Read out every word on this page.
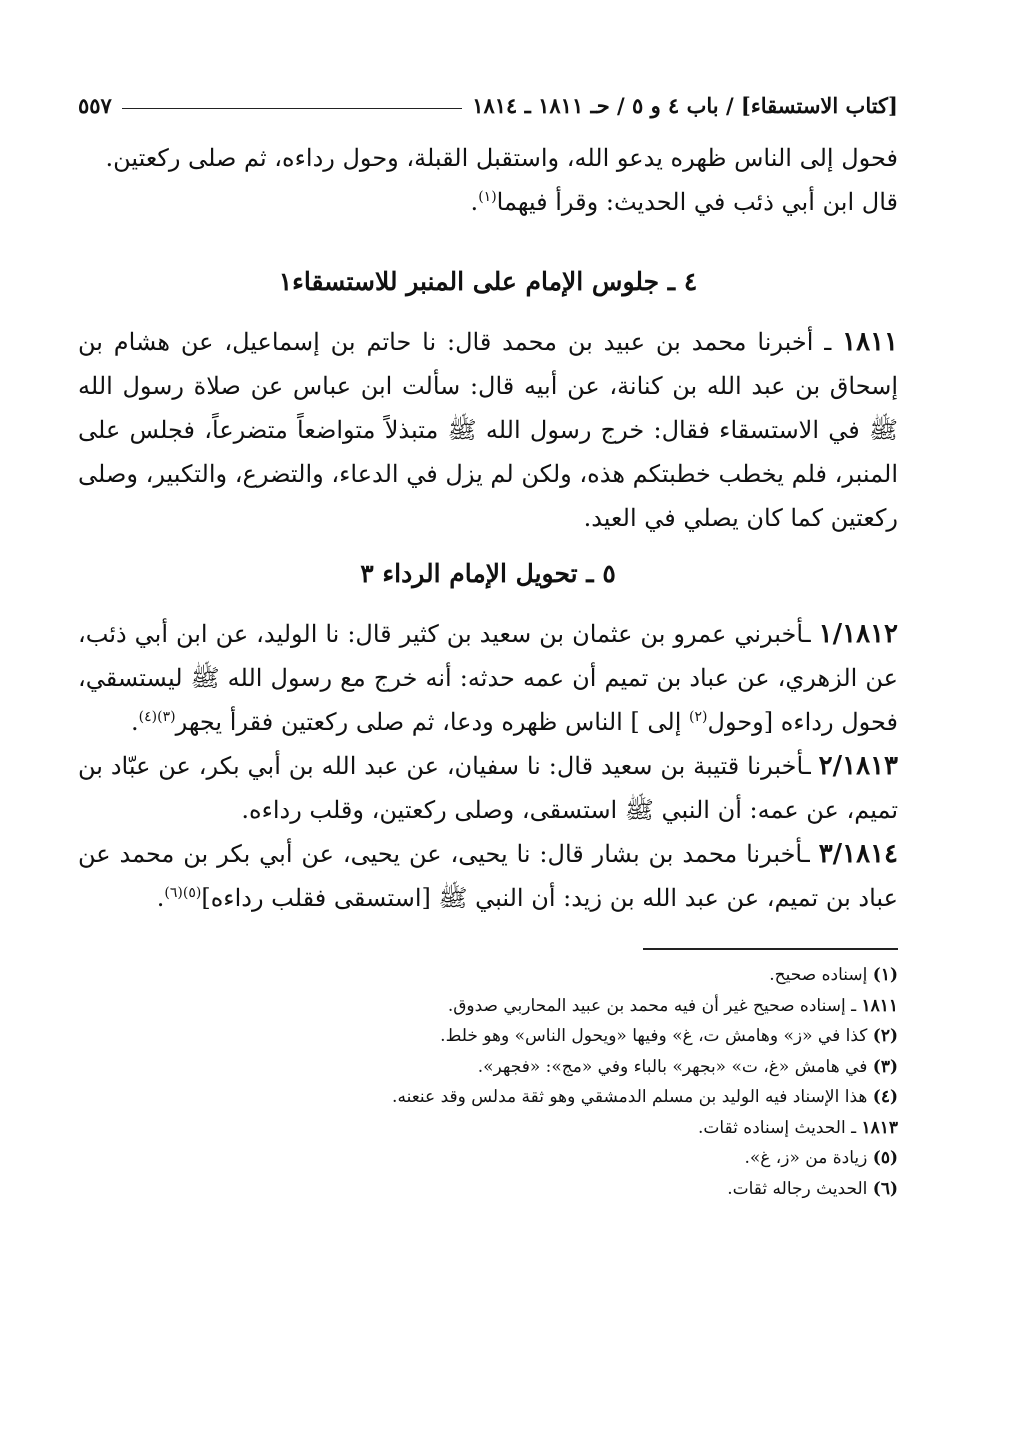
[كتاب الاستسقاء] / باب ٤ و ٥ / حـ ١٨١١ ـ ١٨١٤
٥٥٧

فحول إلى الناس ظهره يدعو الله، واستقبل القبلة، وحول رداءه، ثم صلى ركعتين.

قال ابن أبي ذئب في الحديث: وقرأ فيهما$^{(١)}$.

٤ ـ جلوس الإمام على المنبر للاستسقاء١

١٨١١ ـ أخبرنا محمد بن عبيد بن محمد قال: نا حاتم بن إسماعيل، عن هشام بن إسحاق بن عبد الله بن كنانة، عن أبيه قال: سألت ابن عباس عن صلاة رسول الله ﷺ في الاستسقاء فقال: خرج رسول الله ﷺ متبذلاً متواضعاً متضرعاً، فجلس على المنبر، فلم يخطب خطبتكم هذه، ولكن لم يزل في الدعاء، والتضرع، والتكبير، وصلى ركعتين كما كان يصلي في العيد.

٥ ـ تحويل الإمام الرداء ٣

١/١٨١٢ ـأخبرني عمرو بن عثمان بن سعيد بن كثير قال: نا الوليد، عن ابن أبي ذئب، عن الزهري، عن عباد بن تميم أن عمه حدثه: أنه خرج مع رسول الله ﷺ ليستسقي، فحول رداءه [وحول$^{(٢)}$ إلى ] الناس ظهره ودعا، ثم صلى ركعتين فقرأ يجهر$^{(٣)(٤)}$.

٢/١٨١٣ ـأخبرنا قتيبة بن سعيد قال: نا سفيان، عن عبد الله بن أبي بكر، عن عبّاد بن تميم، عن عمه: أن النبي ﷺ استسقى، وصلى ركعتين، وقلب رداءه.

٣/١٨١٤ ـأخبرنا محمد بن بشار قال: نا يحيى، عن يحيى، عن أبي بكر بن محمد عن عباد بن تميم، عن عبد الله بن زيد: أن النبي ﷺ [استسقى فقلب رداءه]$^{(٥)(٦)}$.

(١) إسناده صحيح.
١٨١١ ـ إسناده صحيح غير أن فيه محمد بن عبيد المحاربي صدوق.
(٢) كذا في «ز» وهامش ت، غ» وفيها «ويحول الناس» وهو خلط.
(٣) في هامش «غ، ت» «بجهر» بالباء وفي «مج»: «فجهر».
(٤) هذا الإسناد فيه الوليد بن مسلم الدمشقي وهو ثقة مدلس وقد عنعنه.
١٨١٣ ـ الحديث إسناده ثقات.
(٥) زيادة من «ز، غ».
(٦) الحديث رجاله ثقات.
